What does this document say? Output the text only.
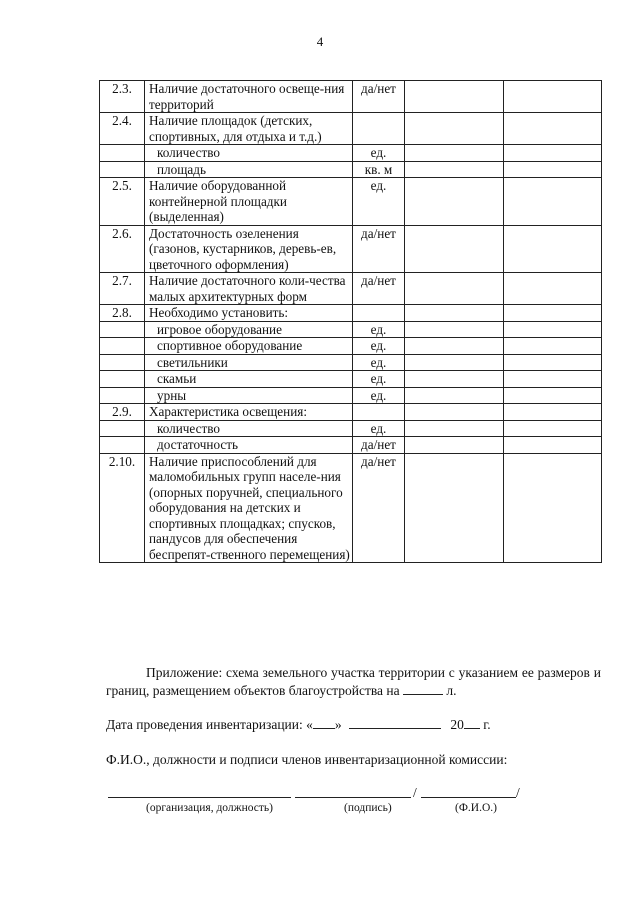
4
2.3.	Наличие достаточного освеще-ния территорий	да/нет		
2.4.	Наличие площадок (детских, спортивных, для отдыха и т.д.)			
	количество	ед.		
	площадь	кв. м		
2.5.	Наличие оборудованной контейнерной площадки (выделенная)	ед.		
2.6.	Достаточность озеленения (газонов, кустарников, деревь-ев, цветочного оформления)	да/нет		
2.7.	Наличие достаточного коли-чества малых архитектурных форм	да/нет		
2.8.	Необходимо установить:			
	игровое оборудование	ед.		
	спортивное оборудование	ед.		
	светильники	ед.		
	скамьи	ед.		
	урны	ед.		
2.9.	Характеристика освещения:			
	количество	ед.		
	достаточность	да/нет		
2.10.	Наличие приспособлений для маломобильных групп населе-ния (опорных поручней, специального оборудования на детских и спортивных площадках; спусков, пандусов для обеспечения беспрепят-ственного перемещения)	да/нет		
Приложение: схема земельного участка территории с указанием ее размеров и границ, размещением объектов благоустройства на	л.
Дата проведения инвентаризации: « »	20 г.
Ф.И.О., должности и подписи членов инвентаризационной комиссии:
/	/
(организация, должность)	(подпись)	(Ф.И.О.)
